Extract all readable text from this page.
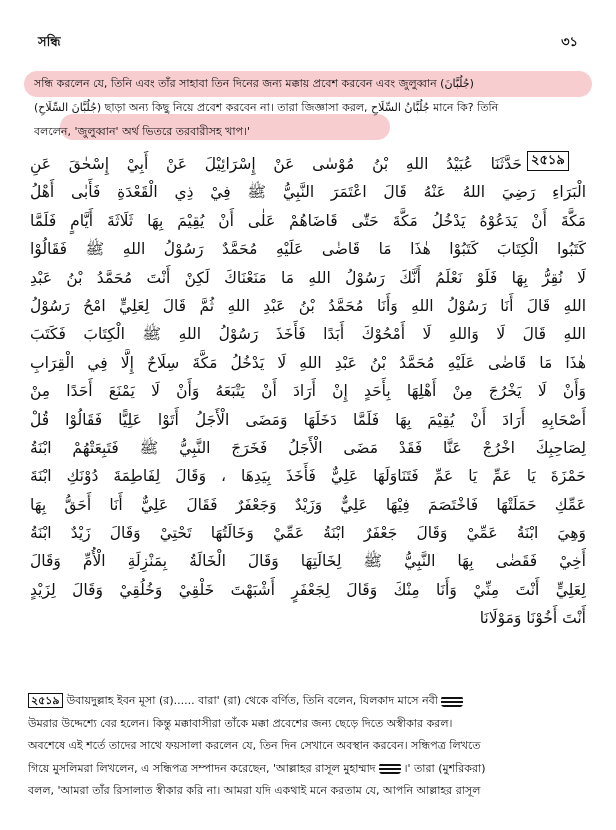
সন্ধি	৩১
সন্ধি করলেন যে, তিনি এবং তাঁর সাহাবা তিন দিনের জন্য মক্কায় প্রবেশ করবেন এবং জুলুব্বান (جُلُبَّانَ)
(جُلُبَّانَ السِّلَاحِ) ছাড়া অন্য কিছু নিয়ে প্রবেশ করবেন না। তারা জিজ্ঞাসা করল, جُلُبَّانُ السِّلَاحِ মানে কি? তিনি
বললেন, 'জুলুব্বান' অর্থ ভিতরে তরবারীসহ খাপ।'
২৫১৯
حَدَّثَنَا عُبَيْدُ اللهِ بْنُ مُوْسٰى عَنْ إِسْرَائِيْلَ عَنْ أَبِيْ إِسْحٰقَ عَنِ
الْبَرَاءِ رَضِيَ اللهُ عَنْهُ قَالَ اعْتَمَرَ النَّبِيُّ ﷺ فِيْ ذِي الْقَعْدَةِ فَأَبٰى أَهْلُ
مَكَّةَ أَنْ يَدَعُوْهُ يَدْخُلُ مَكَّةَ حَتّٰى قَاضَاهُمْ عَلٰى أَنْ يُقِيْمَ بِهَا ثَلَاثَةَ أَيَّامٍ فَلَمَّا
كَتَبُوا الْكِتَابَ كَتَبُوْا هٰذَا مَا قَاضٰى عَلَيْهِ مُحَمَّدٌ رَسُوْلُ اللهِ ﷺ فَقَالُوْا
لَا نُقِرُّ بِهَا فَلَوْ نَعْلَمُ أَنَّكَ رَسُوْلُ اللهِ مَا مَنَعْنَاكَ لَكِنْ أَنْتَ مُحَمَّدُ بْنُ عَبْدِ
اللهِ قَالَ أَنَا رَسُوْلُ اللهِ وَأَنَا مُحَمَّدُ بْنُ عَبْدِ اللهِ ثُمَّ قَالَ لِعَلِيٍّ امْحُ رَسُوْلُ
اللهِ قَالَ لَا وَاللهِ لَا أَمْحُوْكَ أَبَدًا فَأَخَذَ رَسُوْلُ اللهِ ﷺ الْكِتَابَ فَكَتَبَ
هٰذَا مَا قَاضٰى عَلَيْهِ مُحَمَّدُ بْنُ عَبْدِ اللهِ لَا يَدْخُلُ مَكَّةَ سِلَاحٌ إِلَّا فِي الْقِرَابِ
وَأَنْ لَا يَخْرُجَ مِنْ أَهْلِهَا بِأَحَدٍ إِنْ أَرَادَ أَنْ يَتْبَعَهُ وَأَنْ لَا يَمْنَعَ أَحَدًا مِنْ
أَصْحَابِهِ أَرَادَ أَنْ يُقِيْمَ بِهَا فَلَمَّا دَخَلَهَا وَمَضَى الْأَجَلُ أَتَوْا عَلِيًّا فَقَالُوْا قُلْ
لِصَاحِبِكَ اخْرُجْ عَنَّا فَقَدْ مَضَى الْأَجَلُ فَخَرَجَ النَّبِيُّ ﷺ فَتَبِعَتْهُمْ ابْنَةُ
حَمْزَةَ يَا عَمِّ يَا عَمِّ فَتَنَاوَلَهَا عَلِيٌّ فَأَخَذَ بِيَدِهَا ، وَقَالَ لِفَاطِمَةَ دُوْنَكِ ابْنَةَ
عَمِّكِ حَمَلَتْهَا فَاخْتَصَمَ فِيْهَا عَلِيٌّ وَزَيْدٌ وَجَعْفَرٌ فَقَالَ عَلِيٌّ أَنَا أَحَقُّ بِهَا
وَهِيَ ابْنَةُ عَمِّيْ وَقَالَ جَعْفَرٌ ابْنَةُ عَمِّيْ وَخَالَتُهَا تَحْتِيْ وَقَالَ زَيْدٌ ابْنَةُ
أَخِيْ فَقَضٰى بِهَا النَّبِيُّ ﷺ لِخَالَتِهَا وَقَالَ الْخَالَةُ بِمَنْزِلَةِ الْأُمِّ وَقَالَ
لِعَلِيٍّ أَنْتَ مِنِّيْ وَأَنَا مِنْكَ وَقَالَ لِجَعْفَرٍ أَشْبَهْتَ خَلْقِيْ وَخُلُقِيْ وَقَالَ لِزَيْدٍ
أَنْتَ أَخُوْنَا وَمَوْلَانَا
২৫১৯ উবায়দুল্লাহ ইবন মূসা (র)...... বারা' (রা) থেকে বর্ণিত, তিনি বলেন, যিলকাদ মাসে নবী
উমরার উদ্দেশ্যে বের হলেন। কিন্তু মক্কাবাসীরা তাঁকে মক্কা প্রবেশের জন্য ছেড়ে দিতে অস্বীকার করল।
অবশেষে এই শর্তে তাদের সাথে ফয়সালা করলেন যে, তিন দিন সেখানে অবস্থান করবেন। সন্ধিপত্র লিখতে
গিয়ে মুসলিমরা লিখলেন, এ সন্ধিপত্র সম্পাদন করেছেন, 'আল্লাহর রাসূল মুহাম্মাদ	।' তারা (মুশরিকরা)
বলল, 'আমরা তাঁর রিসালাত স্বীকার করি না। আমরা যদি একথাই মনে করতাম যে, আপনি আল্লাহর রাসূল
